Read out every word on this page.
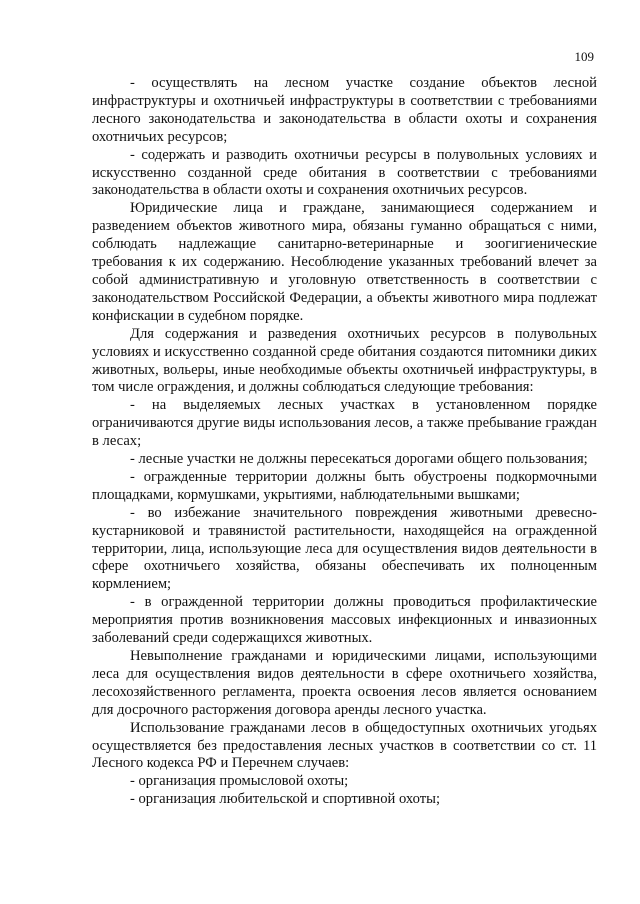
109

- осуществлять на лесном участке создание объектов лесной инфраструктуры и охотничьей инфраструктуры в соответствии с требованиями лесного законодательства и законодательства в области охоты и сохранения охотничьих ресурсов;

- содержать и разводить охотничьи ресурсы в полувольных условиях и искусственно созданной среде обитания в соответствии с требованиями законодательства в области охоты и сохранения охотничьих ресурсов.

Юридические лица и граждане, занимающиеся содержанием и разведением объектов животного мира, обязаны гуманно обращаться с ними, соблюдать надлежащие санитарно-ветеринарные и зоогигиенические требования к их содержанию. Несоблюдение указанных требований влечет за собой административную и уголовную ответственность в соответствии с законодательством Российской Федерации, а объекты животного мира подлежат конфискации в судебном порядке.

Для содержания и разведения охотничьих ресурсов в полувольных условиях и искусственно созданной среде обитания создаются питомники диких животных, вольеры, иные необходимые объекты охотничьей инфраструктуры, в том числе ограждения, и должны соблюдаться следующие требования:

- на выделяемых лесных участках в установленном порядке ограничиваются другие виды использования лесов, а также пребывание граждан в лесах;

- лесные участки не должны пересекаться дорогами общего пользования;

- огражденные территории должны быть обустроены подкормочными площадками, кормушками, укрытиями, наблюдательными вышками;

- во избежание значительного повреждения животными древесно-кустарниковой и травянистой растительности, находящейся на огражденной территории, лица, использующие леса для осуществления видов деятельности в сфере охотничьего хозяйства, обязаны обеспечивать их полноценным кормлением;

- в огражденной территории должны проводиться профилактические мероприятия против возникновения массовых инфекционных и инвазионных заболеваний среди содержащихся животных.

Невыполнение гражданами и юридическими лицами, использующими леса для осуществления видов деятельности в сфере охотничьего хозяйства, лесохозяйственного регламента, проекта освоения лесов является основанием для досрочного расторжения договора аренды лесного участка.

Использование гражданами лесов в общедоступных охотничьих угодьях осуществляется без предоставления лесных участков в соответствии со ст. 11 Лесного кодекса РФ и Перечнем случаев:

- организация промысловой охоты;

- организация любительской и спортивной охоты;
